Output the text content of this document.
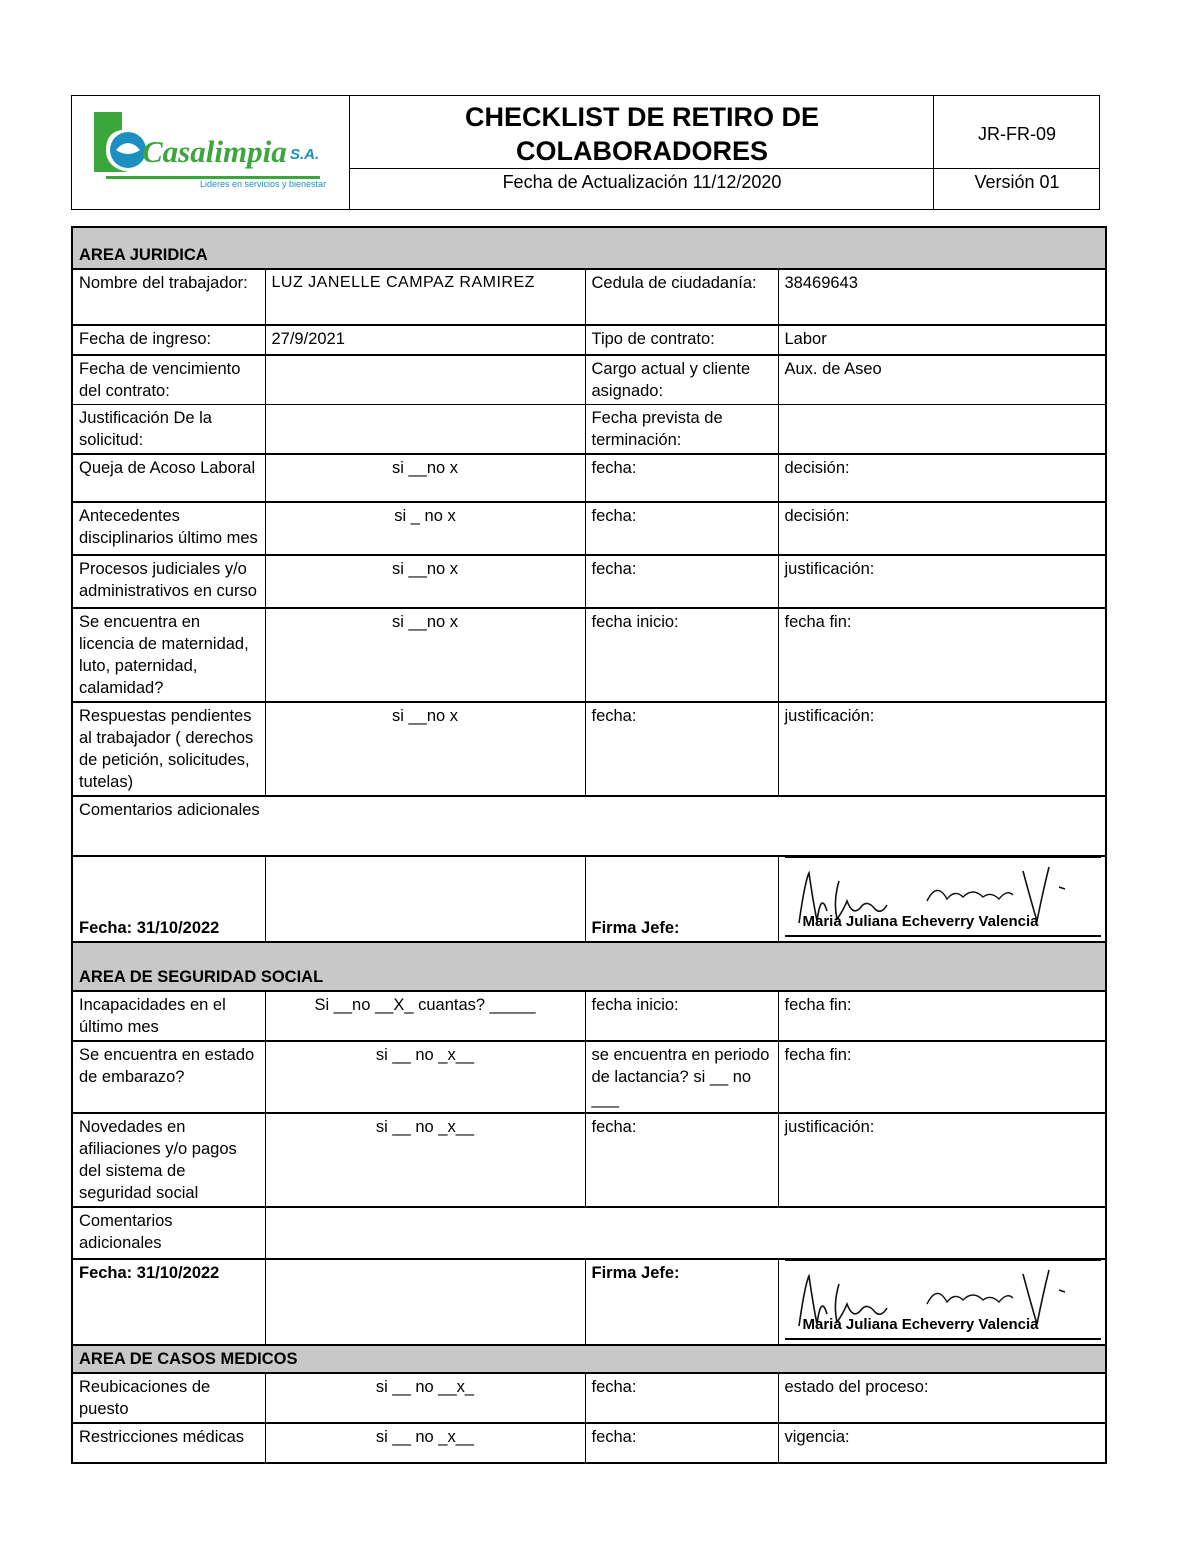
Casalimpia S.A.
Lideres en servicios y bienestar
CHECKLIST DE RETIRO DE COLABORADORES
JR-FR-09
Fecha de Actualización 11/12/2020	Versión 01
AREA JURIDICA			
Nombre del trabajador:	LUZ JANELLE CAMPAZ RAMIREZ	Cedula de ciudadanía:	38469643
Fecha de ingreso:	27/9/2021	Tipo de contrato:	Labor
Fecha de vencimiento del contrato:		Cargo actual y cliente asignado:	Aux. de Aseo
Justificación De la solicitud:		Fecha prevista de terminación:	
Queja de Acoso Laboral	si __no x	fecha:	decisión:
Antecedentes disciplinarios último mes	si _ no x	fecha:	decisión:
Procesos judiciales y/o administrativos en curso	si __no x	fecha:	justificación:
Se encuentra en licencia de maternidad, luto, paternidad, calamidad?	si __no x	fecha inicio:	fecha fin:
Respuestas pendientes al trabajador ( derechos de petición, solicitudes, tutelas)	si __no x	fecha:	justificación:
Comentarios adicionales			
Fecha: 31/10/2022		Firma Jefe:	Maria Juliana Echeverry Valencia

AREA DE SEGURIDAD SOCIAL			
Incapacidades en el último mes	Si __no __X_ cuantas? _____	fecha inicio:	fecha fin:
Se encuentra en estado de embarazo?	si __ no _x__	se encuentra en periodo de lactancia? si __ no ___	fecha fin:
Novedades en afiliaciones y/o pagos del sistema de seguridad social	si __ no _x__	fecha:	justificación:
Comentarios adicionales			
Fecha: 31/10/2022		Firma Jefe:	Maria Juliana Echeverry Valencia

AREA DE CASOS MEDICOS			
Reubicaciones de puesto	si __ no __x_	fecha:	estado del proceso:
Restricciones médicas	si __ no _x__	fecha:	vigencia:
